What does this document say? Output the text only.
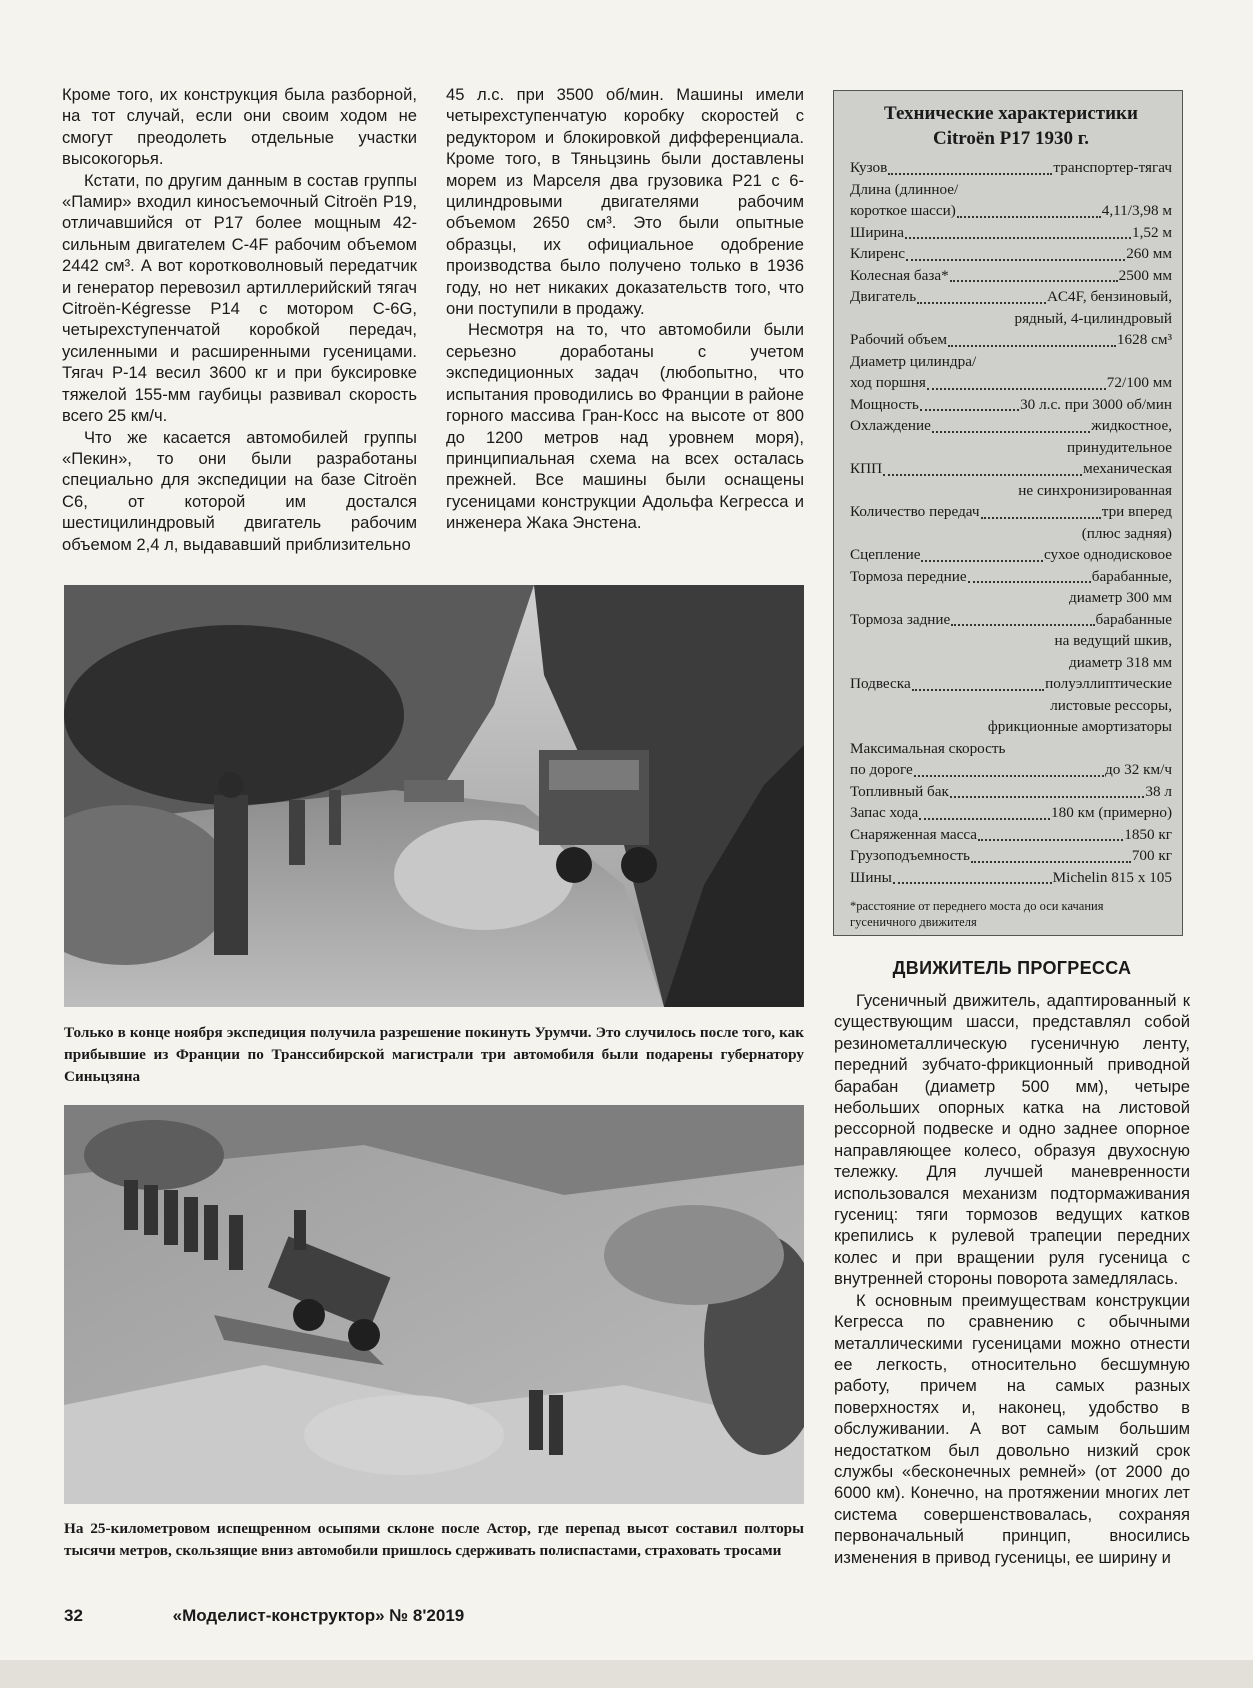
Кроме того, их конструкция была разборной, на тот случай, если они своим ходом не смогут преодолеть отдельные участки высокогорья.

Кстати, по другим данным в состав группы «Памир» входил киносъемочный Citroën P19, отличавшийся от P17 более мощным 42-сильным двигателем C-4F рабочим объемом 2442 см³. А вот коротковолновый передатчик и генератор перевозил артиллерийский тягач Citroën-Kégresse P14 с мотором C-6G, четырехступенчатой коробкой передач, усиленными и расширенными гусеницами. Тягач P-14 весил 3600 кг и при буксировке тяжелой 155-мм гаубицы развивал скорость всего 25 км/ч.

Что же касается автомобилей группы «Пекин», то они были разработаны специально для экспедиции на базе Citroën C6, от которой им достался шестицилиндровый двигатель рабочим объемом 2,4 л, выдававший приблизительно

45 л.с. при 3500 об/мин. Машины имели четырехступенчатую коробку скоростей с редуктором и блокировкой дифференциала. Кроме того, в Тяньцзинь были доставлены морем из Марселя два грузовика P21 с 6-цилиндровыми двигателями рабочим объемом 2650 см³. Это были опытные образцы, их официальное одобрение производства было получено только в 1936 году, но нет никаких доказательств того, что они поступили в продажу.

Несмотря на то, что автомобили были серьезно доработаны с учетом экспедиционных задач (любопытно, что испытания проводились во Франции в районе горного массива Гран-Косс на высоте от 800 до 1200 метров над уровнем моря), принципиальная схема на всех осталась прежней. Все машины были оснащены гусеницами конструкции Адольфа Кегресса и инженера Жака Энстена.

Технические характеристики
Citroën P17 1930 г.
Кузов	транспортер-тягач
Длина (длинное/
короткое шасси)	4,11/3,98 м
Ширина	1,52 м
Клиренс	260 мм
Колесная база*	2500 мм
Двигатель	AC4F, бензиновый,
рядный, 4-цилиндровый
Рабочий объем	1628 см³
Диаметр цилиндра/
ход поршня	72/100 мм
Мощность	30 л.с. при 3000 об/мин
Охлаждение	жидкостное,
принудительное
КПП	механическая
не синхронизированная
Количество передач	три вперед
(плюс задняя)
Сцепление	сухое однодисковое
Тормоза передние	барабанные,
диаметр 300 мм
Тормоза задние	барабанные
на ведущий шкив,
диаметр 318 мм
Подвеска	полуэллиптические
листовые рессоры,
фрикционные амортизаторы
Максимальная скорость
по дороге	до 32 км/ч
Топливный бак	38 л
Запас хода	180 км (примерно)
Снаряженная масса	1850 кг
Грузоподъемность	700 кг
Шины	Michelin 815 x 105
*расстояние от переднего моста до оси качания гусеничного движителя
ДВИЖИТЕЛЬ ПРОГРЕССА

Гусеничный движитель, адаптированный к существующим шасси, представлял собой резинометаллическую гусеничную ленту, передний зубчато-фрикционный приводной барабан (диаметр 500 мм), четыре небольших опорных катка на листовой рессорной подвеске и одно заднее опорное направляющее колесо, образуя двухосную тележку. Для лучшей маневренности использовался механизм подтормаживания гусениц: тяги тормозов ведущих катков крепились к рулевой трапеции передних колес и при вращении руля гусеница с внутренней стороны поворота замедлялась.

К основным преимуществам конструкции Кегресса по сравнению с обычными металлическими гусеницами можно отнести ее легкость, относительно бесшумную работу, причем на самых разных поверхностях и, наконец, удобство в обслуживании. А вот самым большим недостатком был довольно низкий срок службы «бесконечных ремней» (от 2000 до 6000 км). Конечно, на протяжении многих лет система совершенствовалась, сохраняя первоначальный принцип, вносились изменения в привод гусеницы, ее ширину и

Только в конце ноября экспедиция получила разрешение покинуть Урумчи. Это случилось после того, как прибывшие из Франции по Транссибирской магистрали три автомобиля были подарены губернатору Синьцзяна
На 25-километровом испещренном осыпями склоне после Астор, где перепад высот составил полторы тысячи метров, скользящие вниз автомобили пришлось сдерживать полиспастами, страховать тросами
32	«Моделист-конструктор» № 8'2019
